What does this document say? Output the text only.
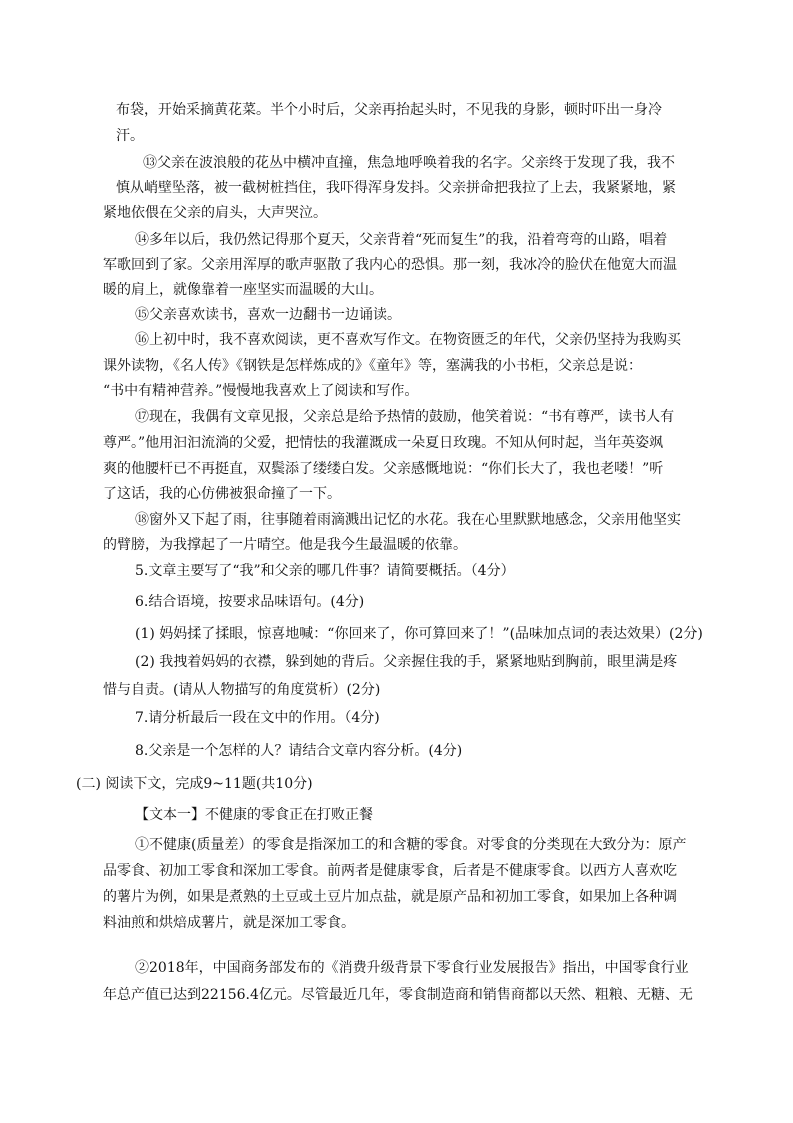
布袋，开始采摘黄花菜。半个小时后，父亲再抬起头时，不见我的身影，顿时吓出一身冷
汗。
⑬父亲在波浪般的花丛中横冲直撞，焦急地呼唤着我的名字。父亲终于发现了我，我不
慎从峭壁坠落，被一截树桩挡住，我吓得浑身发抖。父亲拼命把我拉了上去，我紧紧地，紧
紧地依偎在父亲的肩头，大声哭泣。
⑭多年以后，我仍然记得那个夏天，父亲背着“死而复生”的我，沿着弯弯的山路，唱着
军歌回到了家。父亲用浑厚的歌声驱散了我内心的恐惧。那一刻，我冰冷的脸伏在他宽大而温
暖的肩上，就像靠着一座坚实而温暖的大山。
⑮父亲喜欢读书，喜欢一边翻书一边诵读。
⑯上初中时，我不喜欢阅读，更不喜欢写作文。在物资匮乏的年代，父亲仍坚持为我购买
课外读物，《名人传》《钢铁是怎样炼成的》《童年》等，塞满我的小书柜，父亲总是说：
“书中有精神营养。”慢慢地我喜欢上了阅读和写作。
⑰现在，我偶有文章见报，父亲总是给予热情的鼓励，他笑着说：“书有尊严，读书人有
尊严。”他用汩汩流淌的父爱，把情怯的我灌溉成一朵夏日玫瑰。不知从何时起，当年英姿飒
爽的他腰杆已不再挺直，双鬓添了缕缕白发。父亲感慨地说：“你们长大了，我也老喽！”听
了这话，我的心仿佛被狠命撞了一下。
⑱窗外又下起了雨，往事随着雨滴溅出记忆的水花。我在心里默默地感念，父亲用他坚实
的臂膀，为我撑起了一片晴空。他是我今生最温暖的依靠。
5.文章主要写了“我”和父亲的哪几件事？请简要概括。（4分）
6.结合语境，按要求品味语句。(4分)
(1) 妈妈揉了揉眼，惊喜地喊：“你回来了，你可算回来了！”(品味加点词的表达效果）(2分)
(2) 我拽着妈妈的衣襟，躲到她的背后。父亲握住我的手，紧紧地贴到胸前，眼里满是疼
惜与自责。(请从人物描写的角度赏析）(2分)
7.请分析最后一段在文中的作用。（4分)
8.父亲是一个怎样的人？请结合文章内容分析。(4分)
(二) 阅读下文，完成9~11题(共10分)
【文本一】不健康的零食正在打败正餐
①不健康(质量差）的零食是指深加工的和含糖的零食。对零食的分类现在大致分为：原产
品零食、初加工零食和深加工零食。前两者是健康零食，后者是不健康零食。以西方人喜欢吃
的薯片为例，如果是煮熟的土豆或土豆片加点盐，就是原产品和初加工零食，如果加上各种调
料油煎和烘焙成薯片，就是深加工零食。
②2018年，中国商务部发布的《消费升级背景下零食行业发展报告》指出，中国零食行业
年总产值已达到22156.4亿元。尽管最近几年，零食制造商和销售商都以天然、粗粮、无糖、无
